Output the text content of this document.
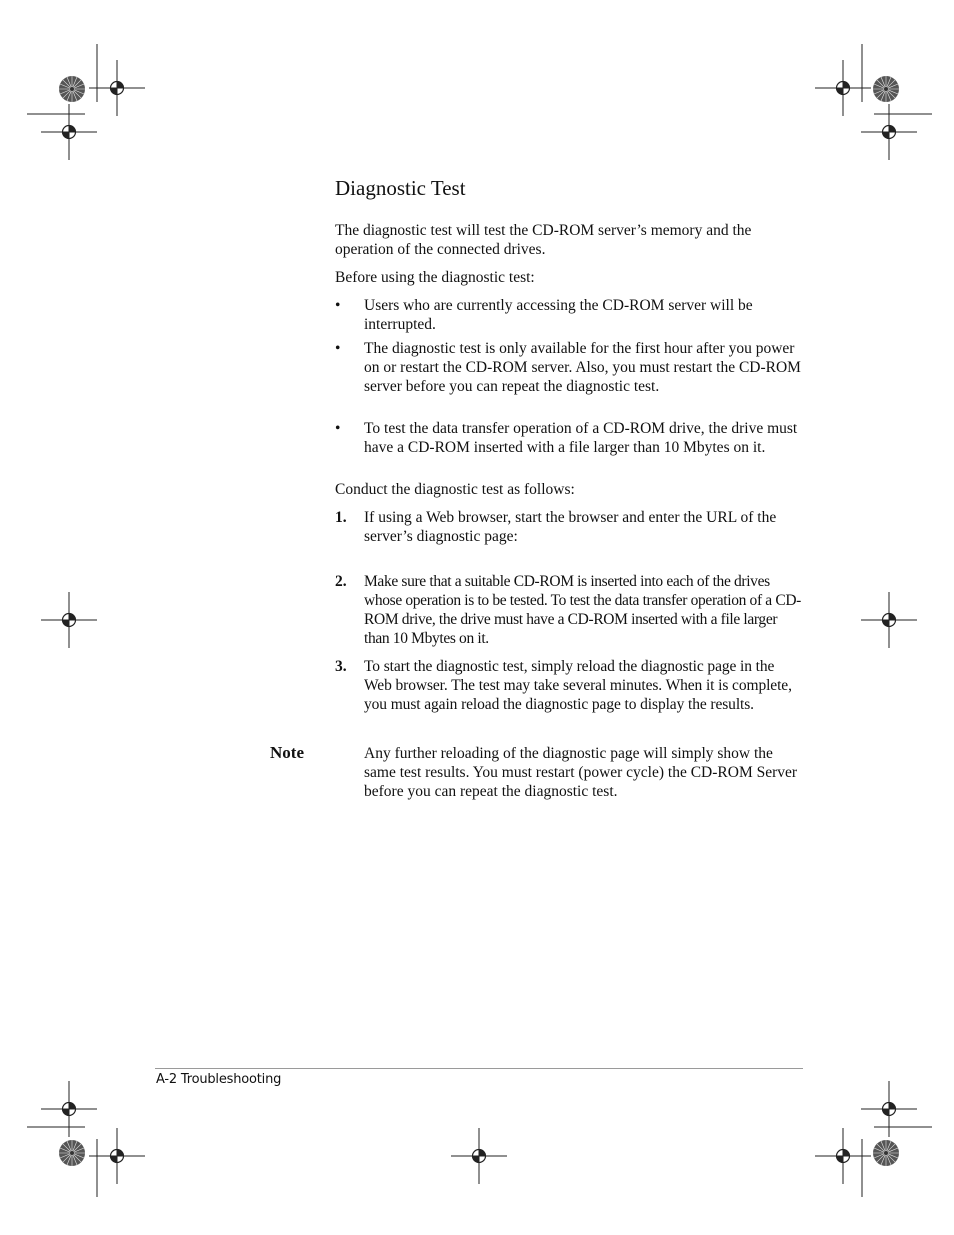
Diagnostic Test

The diagnostic test will test the CD-ROM server’s memory and the operation of the connected drives.

Before using the diagnostic test:

• Users who are currently accessing the CD-ROM server will be interrupted.
• The diagnostic test is only available for the first hour after you power on or restart the CD-ROM server. Also, you must restart the CD-ROM server before you can repeat the diagnostic test.
• To test the data transfer operation of a CD-ROM drive, the drive must have a CD-ROM inserted with a file larger than 10 Mbytes on it.

Conduct the diagnostic test as follows:

1. If using a Web browser, start the browser and enter the URL of the server’s diagnostic page:
2. Make sure that a suitable CD-ROM is inserted into each of the drives whose operation is to be tested. To test the data transfer operation of a CD-ROM drive, the drive must have a CD-ROM inserted with a file larger than 10 Mbytes on it.
3. To start the diagnostic test, simply reload the diagnostic page in the Web browser. The test may take several minutes. When it is complete, you must again reload the diagnostic page to display the results.
Note	Any further reloading of the diagnostic page will simply show the same test results. You must restart (power cycle) the CD-ROM Server before you can repeat the diagnostic test.

A-2 Troubleshooting
